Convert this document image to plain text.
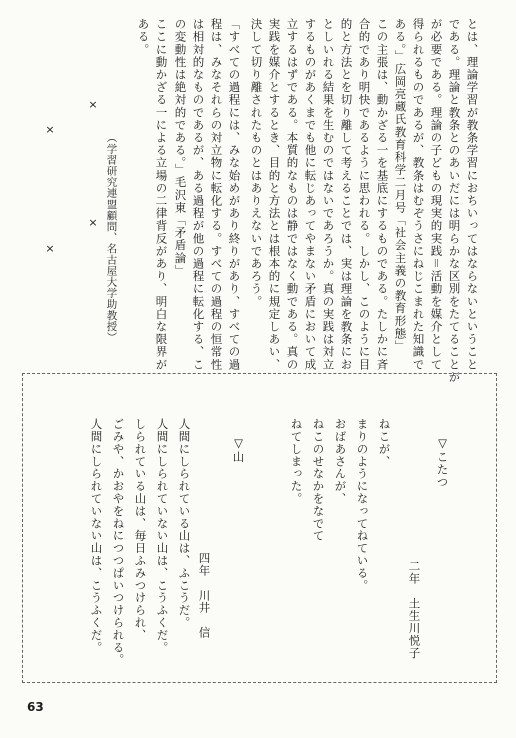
とは、理論学習が教条学習におちいってはならないということ
である。理論と教条とのあいだには明らかな区別をたてることが
が必要である。理論の子どもの現実的実践＝活動を媒介として
得られるものであるが、教条はむぞうさにねじこまれた知識で
ある。」広岡亮蔵氏教育科学二月号「社会主義の教育形態」
この主張は、動かざる一を基底にするものである。たしかに斉
合的であり明快であるように思われる。しかし、このように目
的と方法とを切り離して考えることでは、実は理論を教条にお
としいれる結果を生むのではないであろうか。真の実践は対立
するものがあくまでも他に転じあってやまない矛盾において成
立するはずである。本質的なものは静ではなく動である。真の
実践を媒介とするとき、目的と方法とは根本的に規定しあい、
決して切り離されたものとはありえないであろう。
「すべての過程には、みな始めがあり終りがあり、すべての過
程は、みなそれらの対立物に転化する。すべての過程の恒常性
は相対的なものであるが、ある過程が他の過程に転化する、こ
の変動性は絶対的である。」毛沢東「矛盾論」
ここに動かざる一による立場の二律背反があり、明白な限界が
ある。
（学習研究連盟顧問、名古屋大学助教授）
×
×
×
×
▽こたつ
二年　土生川悦子
ねこが、
まりのようになってねている。
おばあさんが、
ねこのせなかをなでて
ねてしまった。
▽山
四年　川井　信
人間にしられている山は、ふこうだ。
人間にしられていない山は、こうふくだ。
しられている山は、毎日ふみつけられ、
ごみや、かおやをねにつつぱいつけられる。
人間にしられていない山は、こうふくだ。
63
